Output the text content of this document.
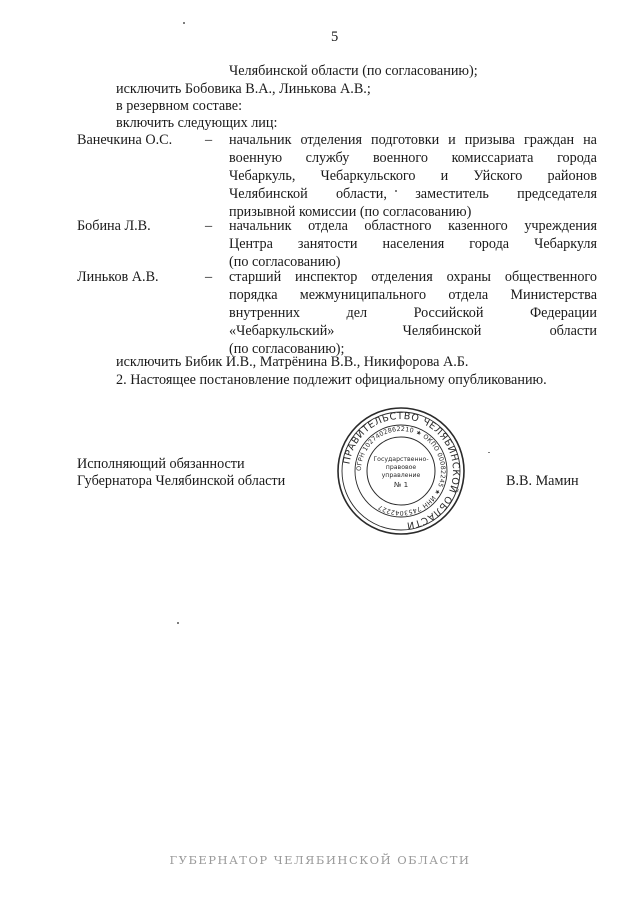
5
Челябинской области (по согласованию);
исключить Бобовика В.А., Линькова А.В.;
в резервном составе:
включить следующих лиц:
Ванечкина О.С. – начальник отделения подготовки и призыва граждан на
военную службу военного комиссариата города
Чебаркуль, Чебаркульского и Уйского районов
Челябинской области, заместитель председателя
призывной комиссии (по согласованию)
Бобина Л.В.	– начальник отдела областного казенного учреждения
Центра занятости населения города Чебаркуля
(по согласованию)
Линьков А.В.	– старший инспектор отделения охраны общественного
порядка межмуниципального отдела Министерства
внутренних	дел	Российской	Федерации
«Чебаркульский»	Челябинской	области
(по согласованию);
исключить Бибик И.В., Матрёнина В.В., Никифорова А.Б.
2. Настоящее постановление подлежит официальному опубликованию.
Исполняющий обязанности
Губернатора Челябинской области	В.В. Мамин
ПРАВИТЕЛЬСТВО ЧЕЛЯБИНСКОЙ ОБЛАСТИ
ОГРН 1027402862210 ★ ОКПО 00082245 ★ ИНН 7453042227
Государственно-
правовое
управление
№ 1
ГУБЕРНАТОР ЧЕЛЯБИНСКОЙ ОБЛАСТИ
